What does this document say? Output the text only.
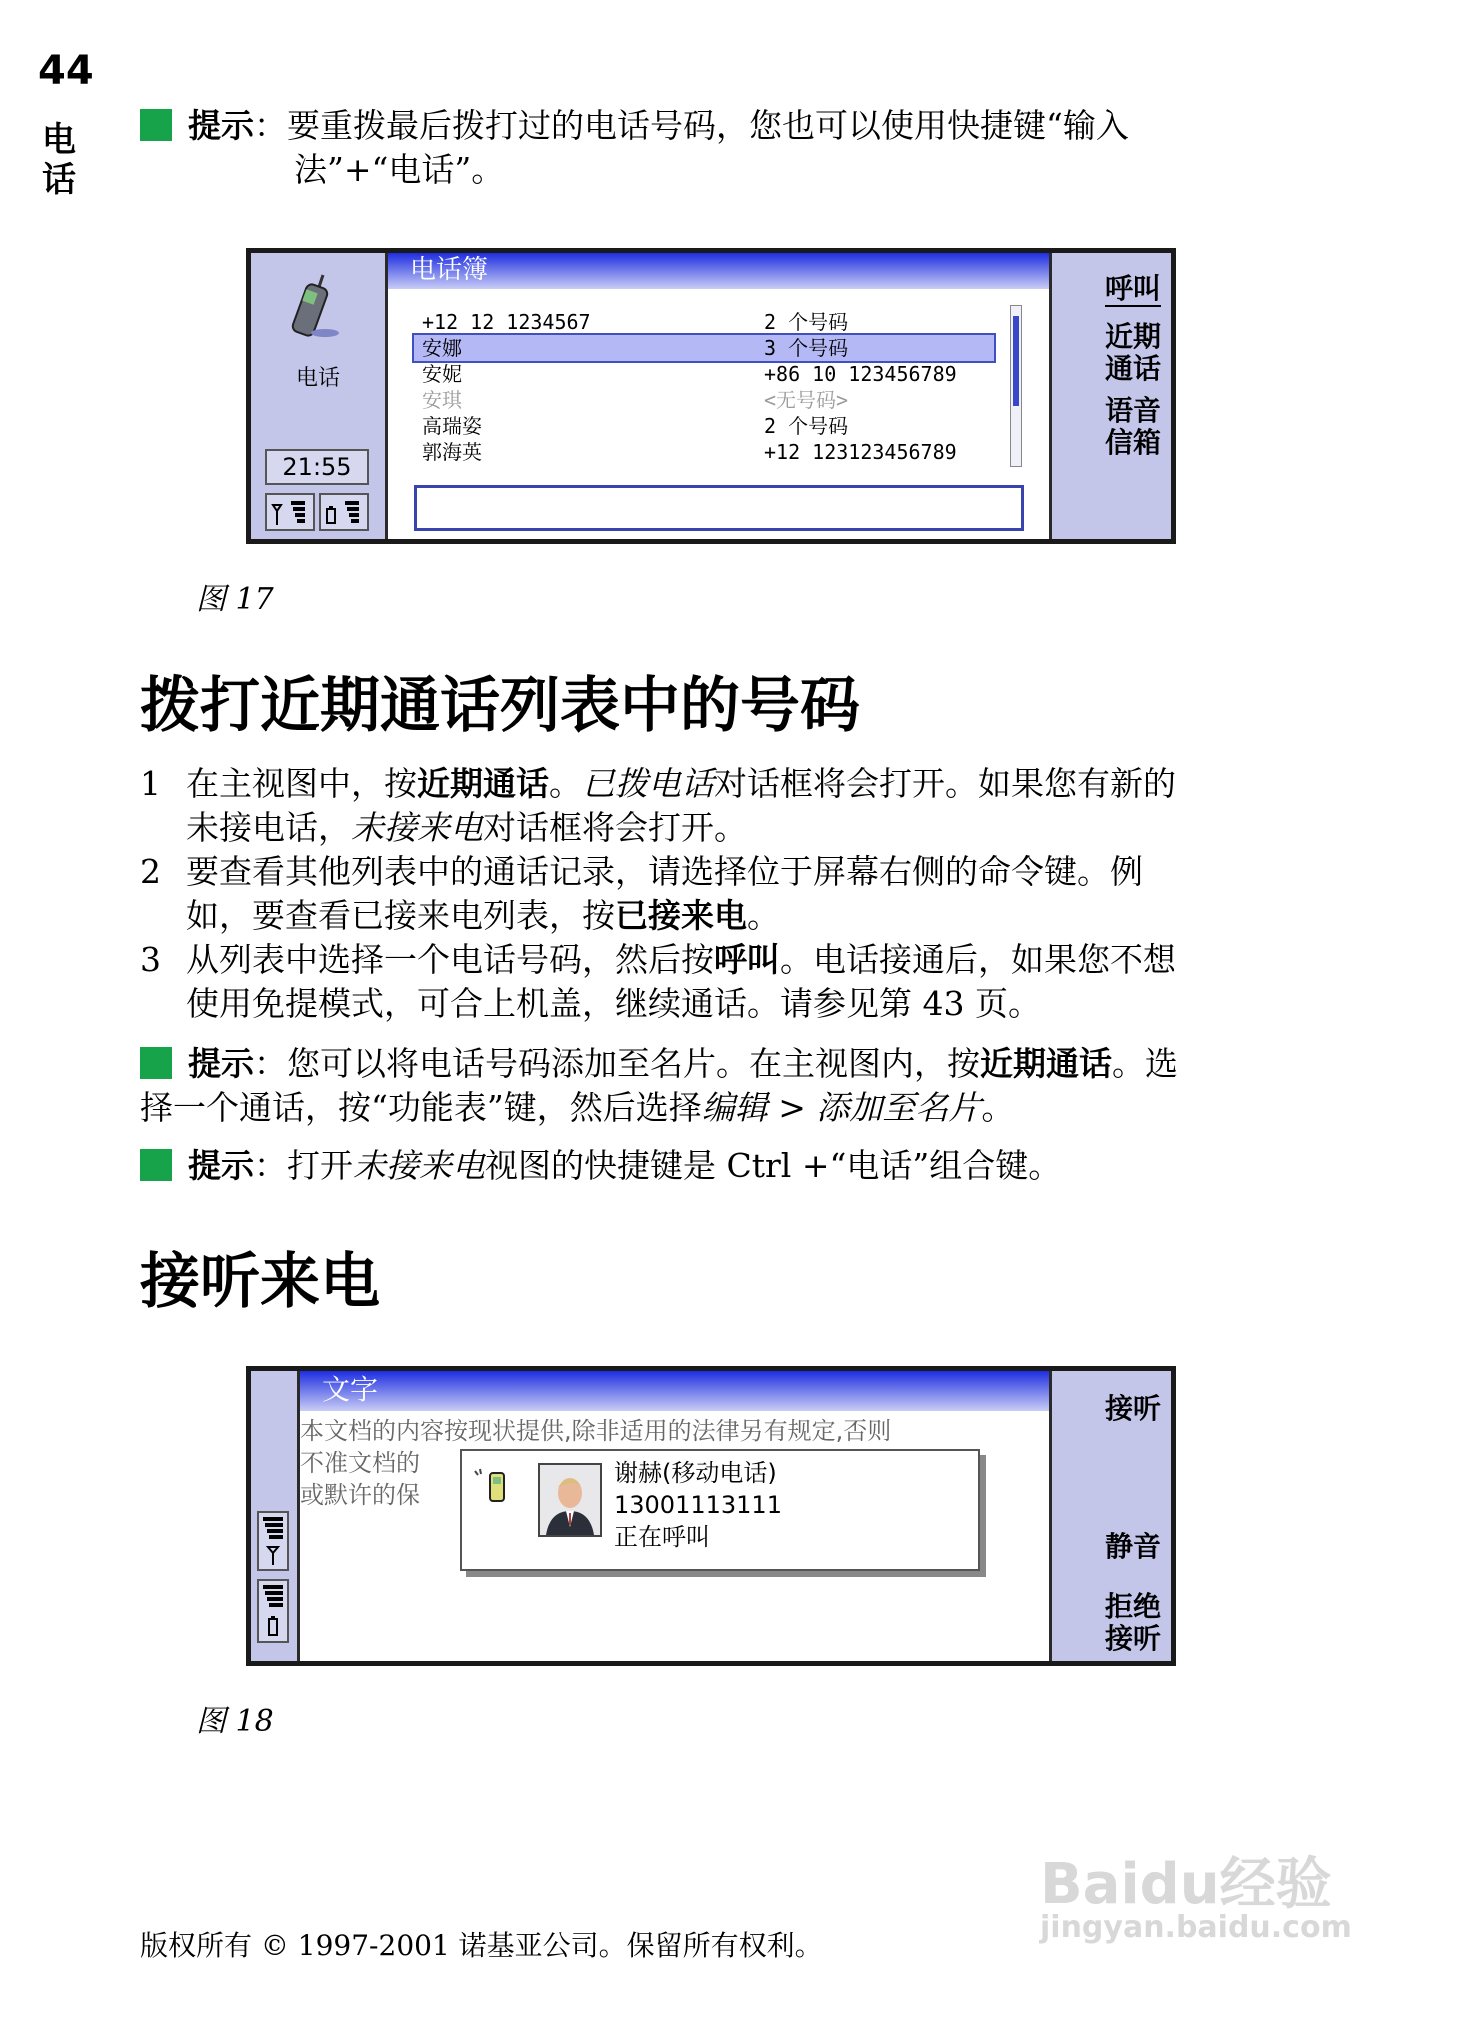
44
电话
提示：要重拨最后拨打过的电话号码，您也可以使用快捷键“输入
法”+“电话”。
电话
21:55
电话簿
+12 12 1234567	2 个号码
安娜	3 个号码
安妮	+86 10 123456789
安琪	<无号码>
高瑞姿	2 个号码
郭海英	+12 123123456789
呼叫
近期
通话
语音
信箱
图 17
拨打近期通话列表中的号码
1 在主视图中，按近期通话。已拨电话对话框将会打开。如果您有新的
未接电话，未接来电对话框将会打开。
2 要查看其他列表中的通话记录，请选择位于屏幕右侧的命令键。例
如，要查看已接来电列表，按已接来电。
3 从列表中选择一个电话号码，然后按呼叫。电话接通后，如果您不想
使用免提模式，可合上机盖，继续通话。请参见第 43 页。
提示：您可以将电话号码添加至名片。在主视图内，按近期通话。选
择一个通话，按“功能表”键，然后选择编辑 > 添加至名片。
提示：打开未接来电视图的快捷键是 Ctrl +“电话”组合键。
接听来电
文字
本文档的内容按现状提供,除非适用的法律另有规定,否则
不准文档的
或默许的保
谢赫(移动电话)
13001113111
正在呼叫
接听
静音
拒绝
接听
图 18
版权所有 © 1997-2001 诺基亚公司。保留所有权利。
Baidu经验
jingyan.baidu.com
